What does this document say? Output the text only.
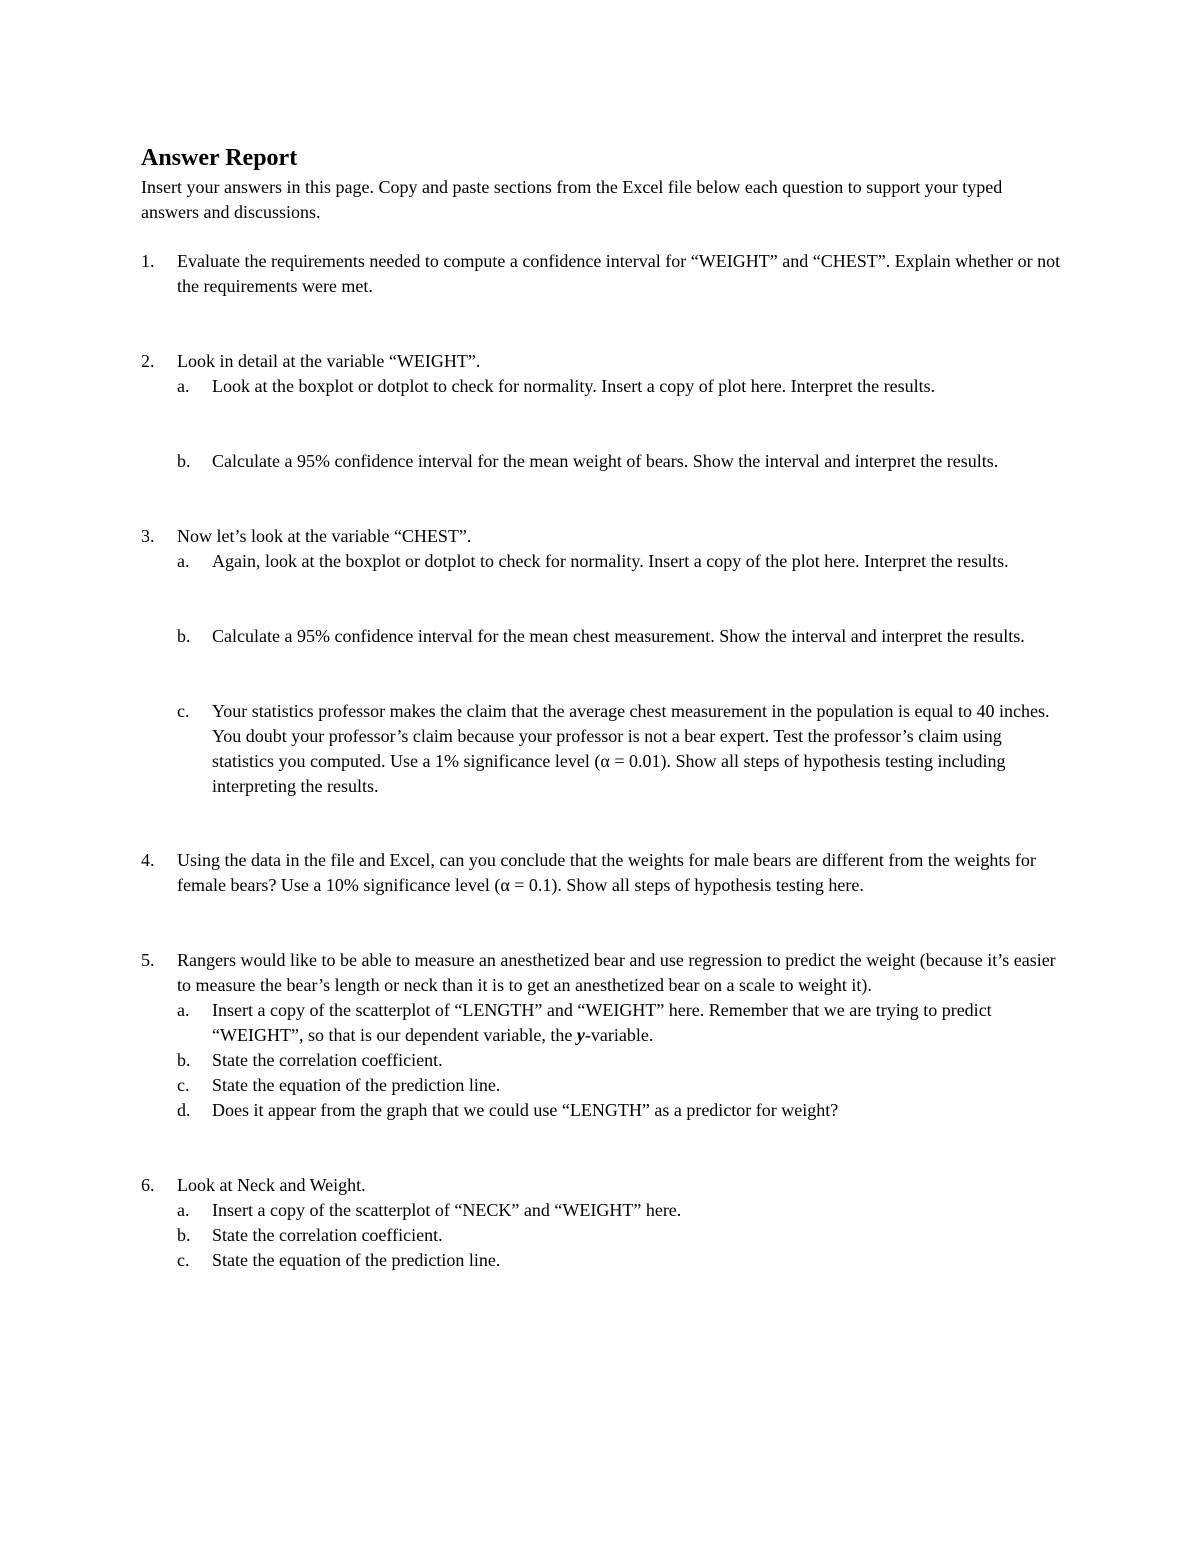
Answer Report

Insert your answers in this page. Copy and paste sections from the Excel file below each question to support your typed answers and discussions.

1. Evaluate the requirements needed to compute a confidence interval for “WEIGHT” and “CHEST”. Explain whether or not the requirements were met.
2. Look in detail at the variable “WEIGHT”.
a. Look at the boxplot or dotplot to check for normality. Insert a copy of plot here. Interpret the results.
b. Calculate a 95% confidence interval for the mean weight of bears. Show the interval and interpret the results.
3. Now let’s look at the variable “CHEST”.
a. Again, look at the boxplot or dotplot to check for normality. Insert a copy of the plot here. Interpret the results.
b. Calculate a 95% confidence interval for the mean chest measurement. Show the interval and interpret the results.
c. Your statistics professor makes the claim that the average chest measurement in the population is equal to 40 inches. You doubt your professor’s claim because your professor is not a bear expert. Test the professor’s claim using statistics you computed. Use a 1% significance level (α = 0.01). Show all steps of hypothesis testing including interpreting the results.
4. Using the data in the file and Excel, can you conclude that the weights for male bears are different from the weights for female bears? Use a 10% significance level (α = 0.1). Show all steps of hypothesis testing here.
5. Rangers would like to be able to measure an anesthetized bear and use regression to predict the weight (because it’s easier to measure the bear’s length or neck than it is to get an anesthetized bear on a scale to weight it).
a. Insert a copy of the scatterplot of “LENGTH” and “WEIGHT” here. Remember that we are trying to predict “WEIGHT”, so that is our dependent variable, the y-variable.
b. State the correlation coefficient.
c. State the equation of the prediction line.
d. Does it appear from the graph that we could use “LENGTH” as a predictor for weight?
6. Look at Neck and Weight.
a. Insert a copy of the scatterplot of “NECK” and “WEIGHT” here.
b. State the correlation coefficient.
c. State the equation of the prediction line.
